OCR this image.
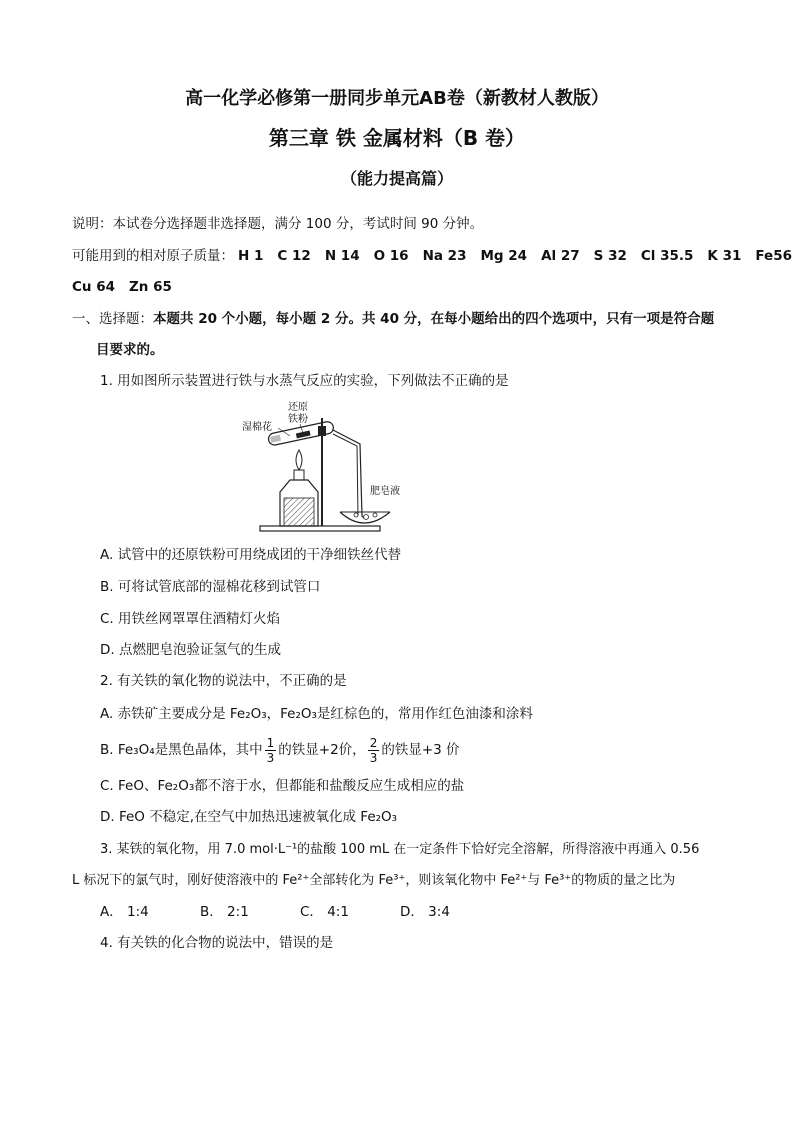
高一化学必修第一册同步单元AB卷（新教材人教版）
第三章 铁 金属材料（B 卷）
（能力提高篇）
说明：本试卷分选择题非选择题，满分 100 分，考试时间 90 分钟。
可能用到的相对原子质量： H 1 C 12 N 14 O 16 Na 23 Mg 24 Al 27 S 32 Cl 35.5 K 31 Fe56
Cu 64 Zn 65
一、选择题：本题共 20 个小题，每小题 2 分。共 40 分，在每小题给出的四个选项中，只有一项是符合题
目要求的。
1. 用如图所示装置进行铁与水蒸气反应的实验，下列做法不正确的是
湿棉花
还原
铁粉
肥皂液
A. 试管中的还原铁粉可用绕成团的干净细铁丝代替
B. 可将试管底部的湿棉花移到试管口
C. 用铁丝网罩罩住酒精灯火焰
D. 点燃肥皂泡验证氢气的生成
2. 有关铁的氧化物的说法中，不正确的是
A. 赤铁矿主要成分是 Fe₂O₃，Fe₂O₃是红棕色的，常用作红色油漆和涂料
B. Fe₃O₄是黑色晶体，其中 $\frac{1}{3}$ 的铁显+2价， $\frac{2}{3}$ 的铁显+3 价
C. FeO、Fe₂O₃都不溶于水，但都能和盐酸反应生成相应的盐
D. FeO 不稳定,在空气中加热迅速被氧化成 Fe₂O₃
3. 某铁的氧化物，用 7.0 mol·L⁻¹的盐酸 100 mL 在一定条件下恰好完全溶解，所得溶液中再通入 0.56
L 标况下的氯气时，刚好使溶液中的 Fe²⁺全部转化为 Fe³⁺，则该氧化物中 Fe²⁺与 Fe³⁺的物质的量之比为
A． 1:4	B． 2:1	C． 4:1	D． 3:4
4. 有关铁的化合物的说法中，错误的是
